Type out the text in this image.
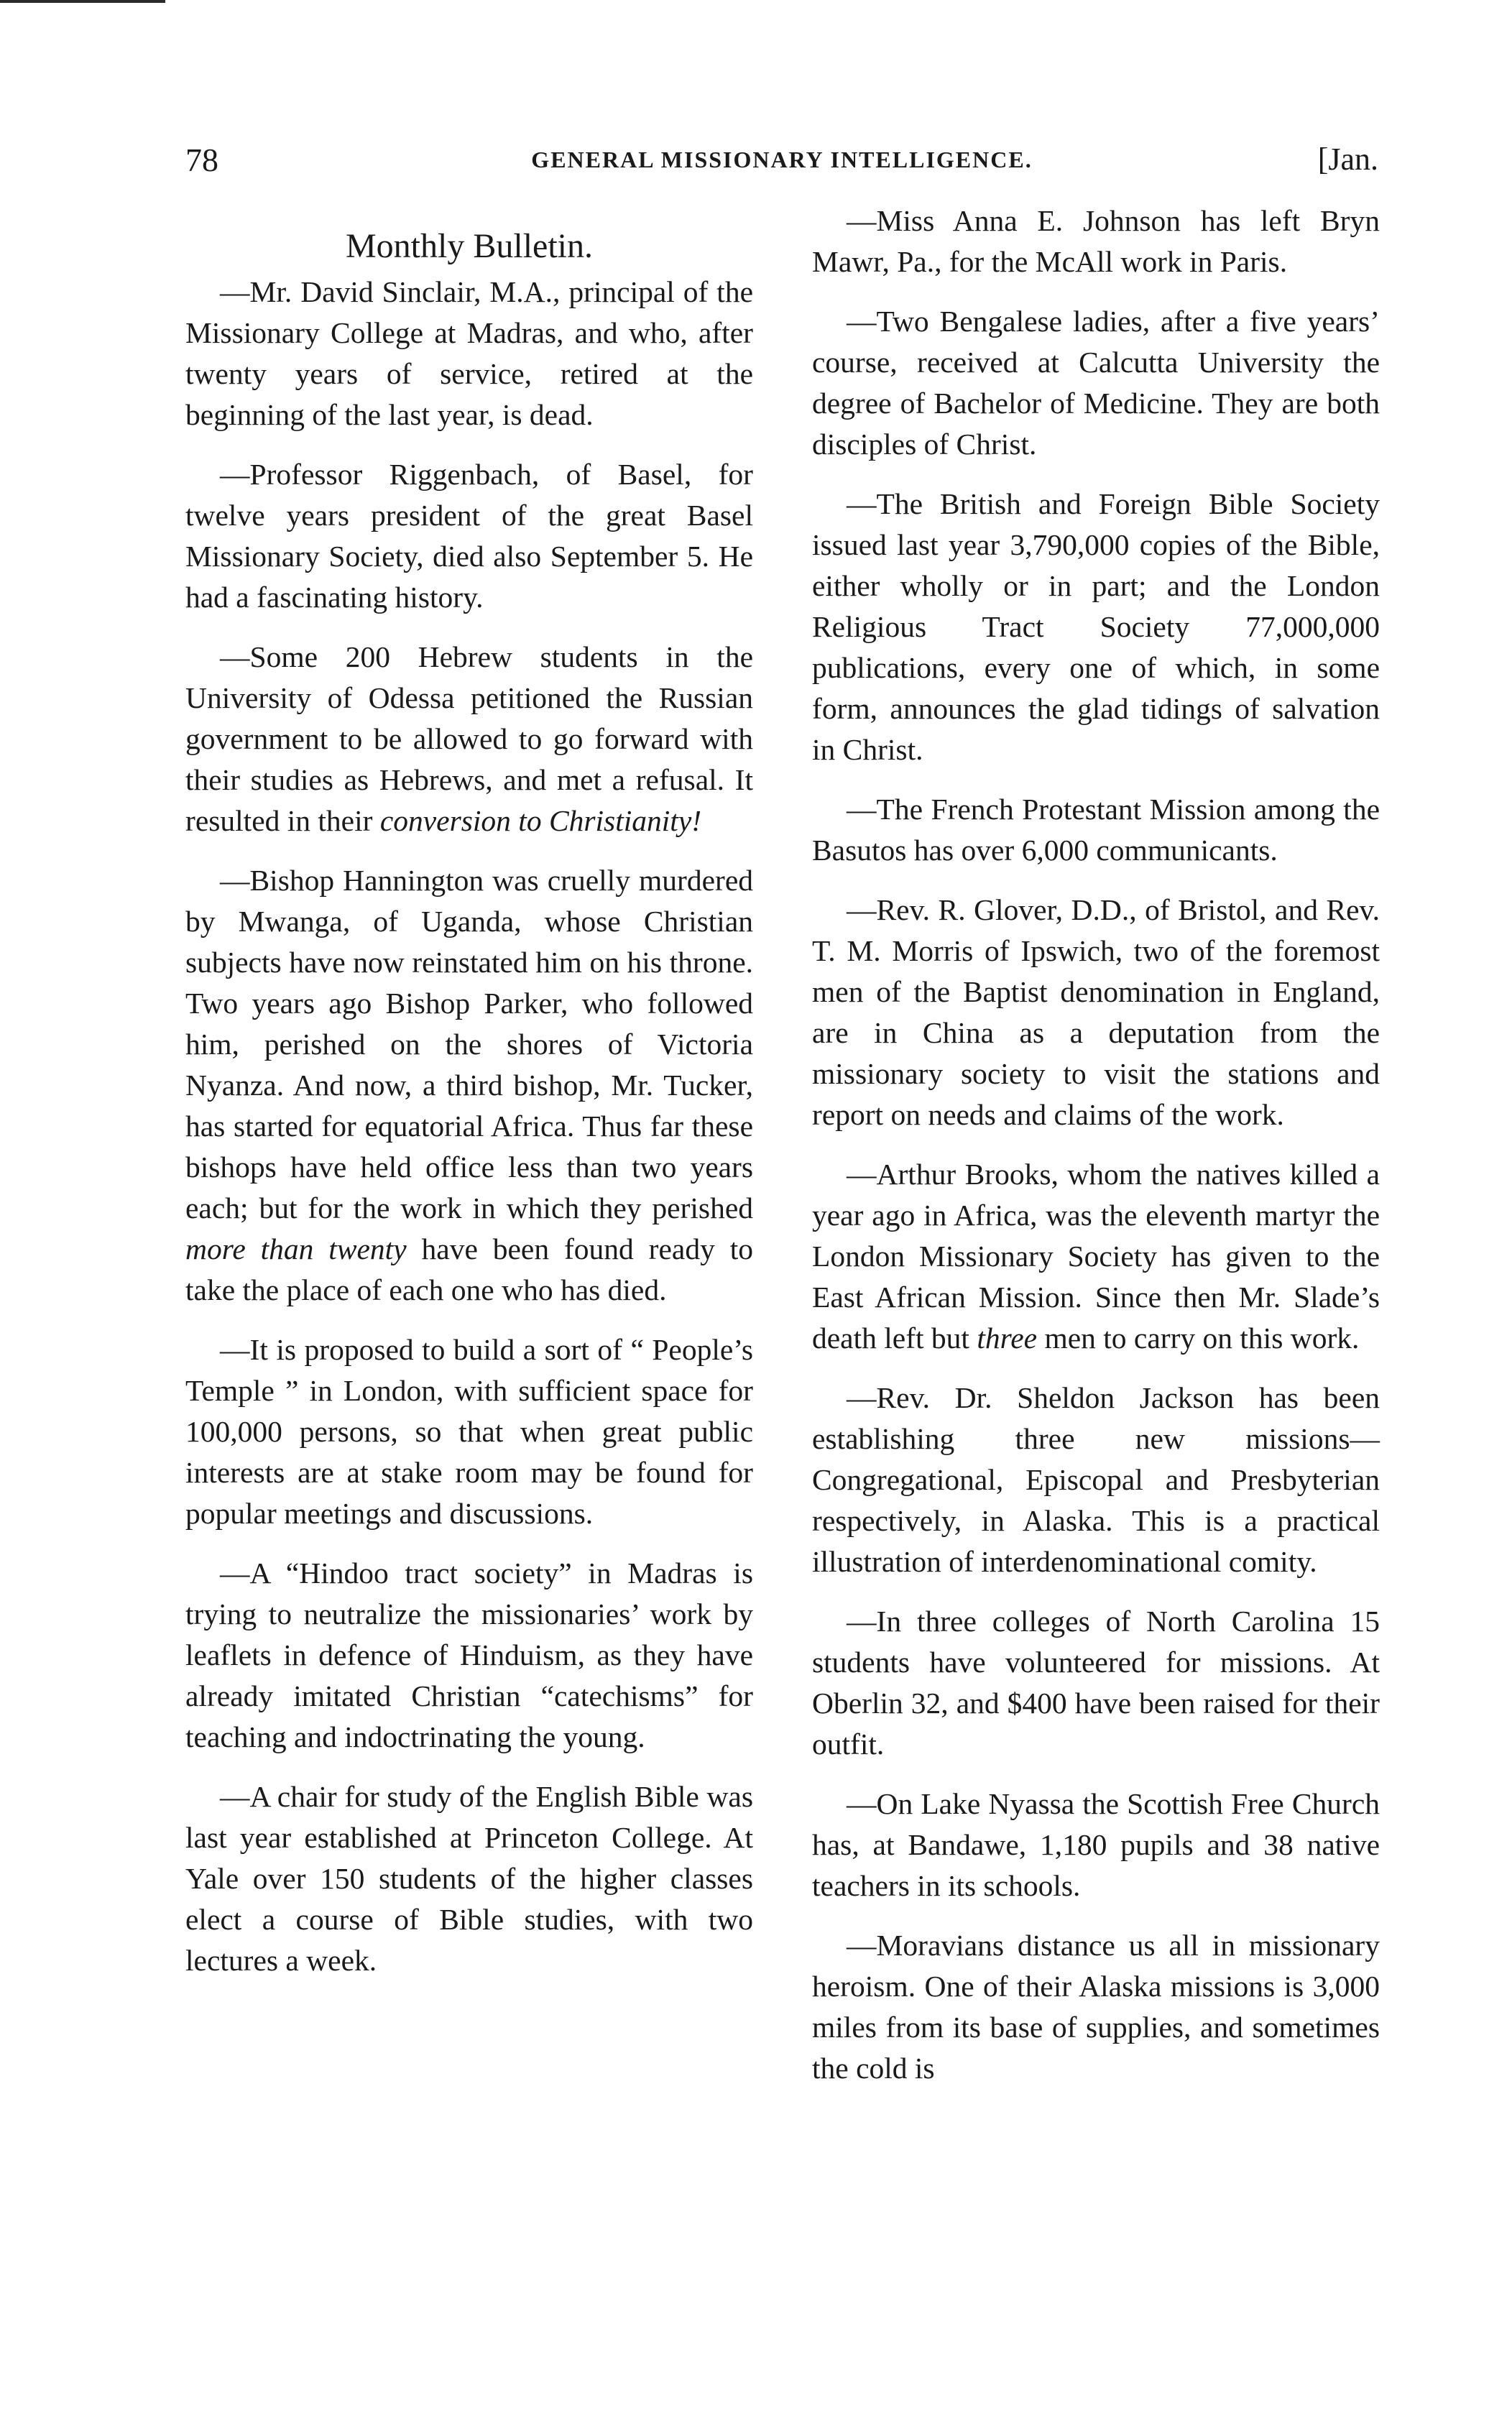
78	GENERAL MISSIONARY INTELLIGENCE.	[Jan.
Monthly Bulletin.

—Mr. David Sinclair, M.A., principal of the Missionary College at Madras, and who, after twenty years of service, retired at the beginning of the last year, is dead.

—Professor Riggenbach, of Basel, for twelve years president of the great Basel Missionary Society, died also September 5. He had a fascinating history.

—Some 200 Hebrew students in the University of Odessa petitioned the Russian government to be allowed to go forward with their studies as Hebrews, and met a refusal. It resulted in their conversion to Christianity!

—Bishop Hannington was cruelly murdered by Mwanga, of Uganda, whose Christian subjects have now reinstated him on his throne. Two years ago Bishop Parker, who followed him, perished on the shores of Victoria Nyanza. And now, a third bishop, Mr. Tucker, has started for equatorial Africa. Thus far these bishops have held office less than two years each; but for the work in which they perished more than twenty have been found ready to take the place of each one who has died.

—It is proposed to build a sort of “ People’s Temple ” in London, with sufficient space for 100,000 persons, so that when great public interests are at stake room may be found for popular meetings and discussions.

—A “Hindoo tract society” in Madras is trying to neutralize the missionaries’ work by leaflets in defence of Hinduism, as they have already imitated Christian “catechisms” for teaching and indoctrinating the young.

—A chair for study of the English Bible was last year established at Princeton College. At Yale over 150 students of the higher classes elect a course of Bible studies, with two lectures a week.

—Miss Anna E. Johnson has left Bryn Mawr, Pa., for the McAll work in Paris.

—Two Bengalese ladies, after a five years’ course, received at Calcutta University the degree of Bachelor of Medicine. They are both disciples of Christ.

—The British and Foreign Bible Society issued last year 3,790,000 copies of the Bible, either wholly or in part; and the London Religious Tract Society 77,000,000 publications, every one of which, in some form, announces the glad tidings of salvation in Christ.

—The French Protestant Mission among the Basutos has over 6,000 communicants.

—Rev. R. Glover, D.D., of Bristol, and Rev. T. M. Morris of Ipswich, two of the foremost men of the Baptist denomination in England, are in China as a deputation from the missionary society to visit the stations and report on needs and claims of the work.

—Arthur Brooks, whom the natives killed a year ago in Africa, was the eleventh martyr the London Missionary Society has given to the East African Mission. Since then Mr. Slade’s death left but three men to carry on this work.

—Rev. Dr. Sheldon Jackson has been establishing three new missions—Congregational, Episcopal and Presbyterian respectively, in Alaska. This is a practical illustration of interdenominational comity.

—In three colleges of North Carolina 15 students have volunteered for missions. At Oberlin 32, and $400 have been raised for their outfit.

—On Lake Nyassa the Scottish Free Church has, at Bandawe, 1,180 pupils and 38 native teachers in its schools.

—Moravians distance us all in missionary heroism. One of their Alaska missions is 3,000 miles from its base of supplies, and sometimes the cold is
